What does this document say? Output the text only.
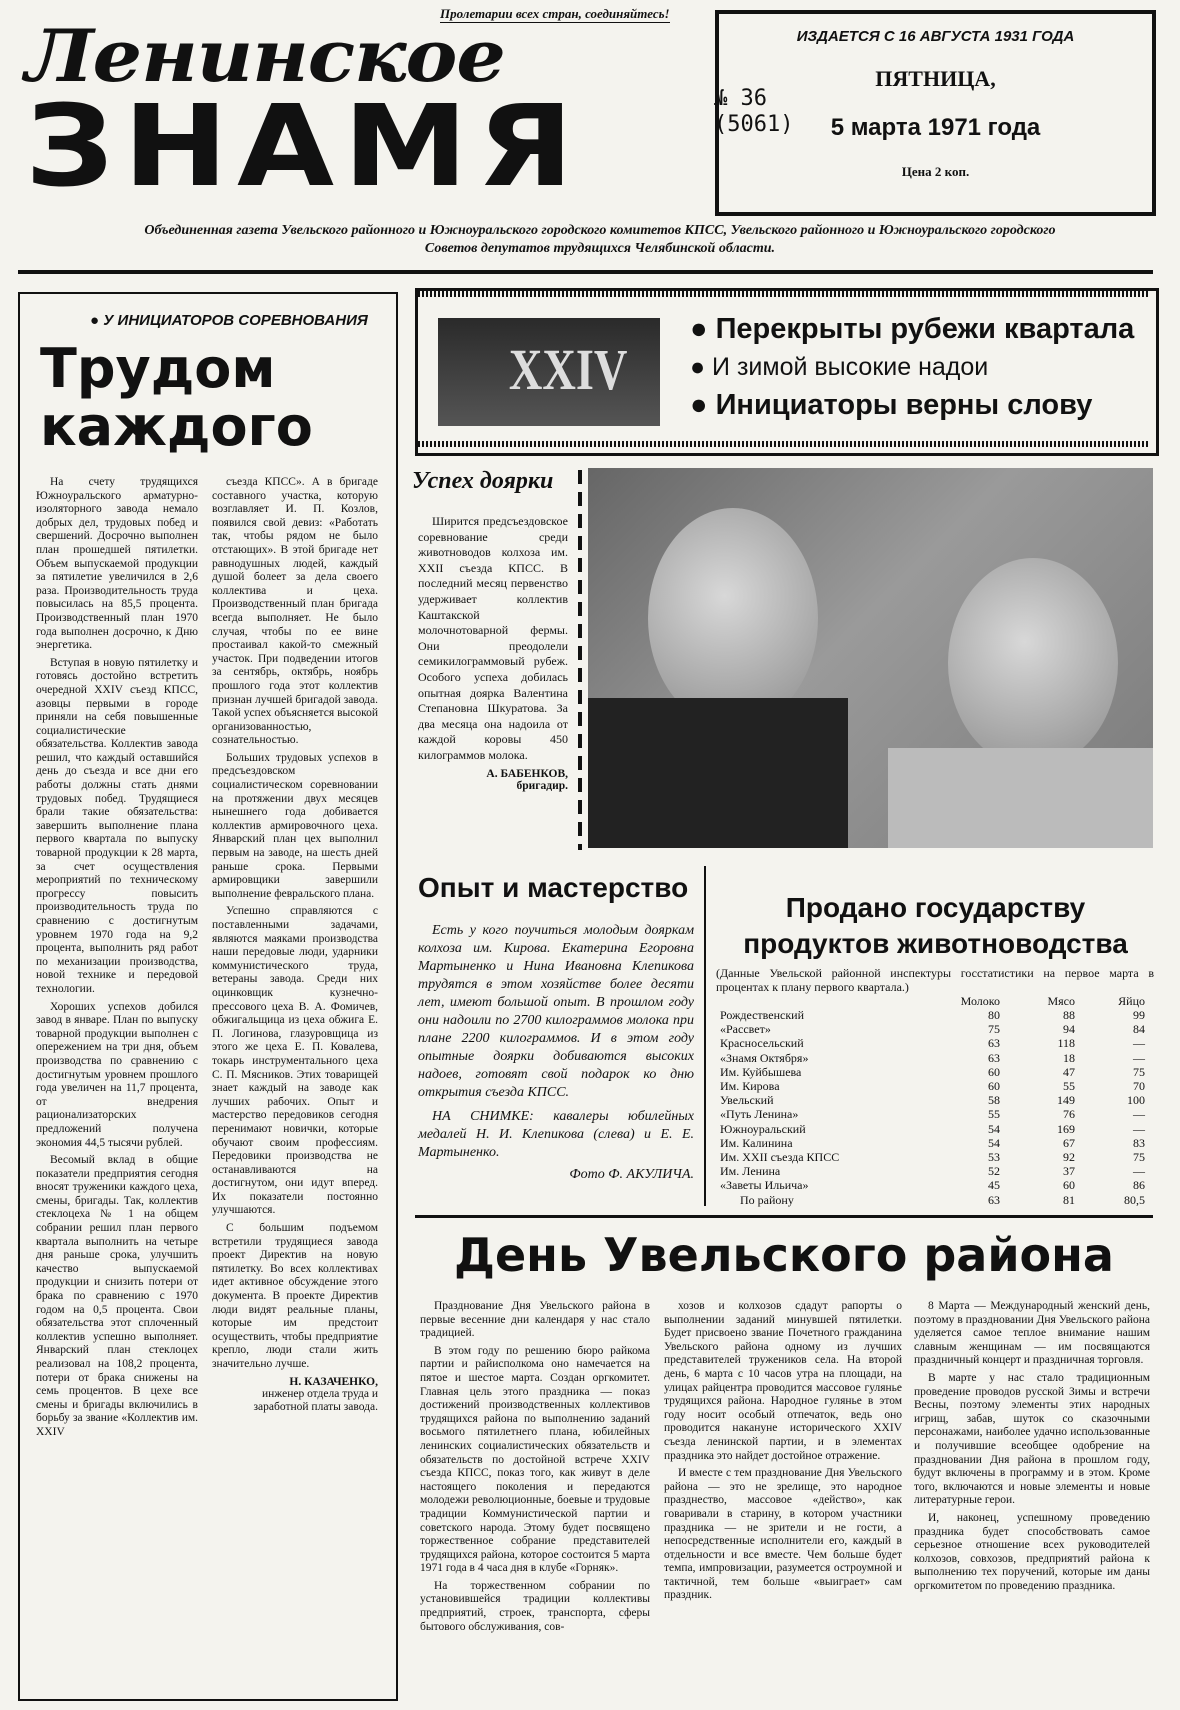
Пролетарии всех стран, соединяйтесь!
Ленинское
ЗНАМЯ	№ 36
(5061)
ИЗДАЕТСЯ С 16 АВГУСТА 1931 ГОДА
ПЯТНИЦА,
5 марта 1971 года
Цена 2 коп.
Объединенная газета Увельского районного и Южноуральского городского комитетов КПСС, Увельского районного и Южноуральского городского Советов депутатов трудящихся Челябинской области.
● У ИНИЦИАТОРОВ СОРЕВНОВАНИЯ
Трудом
каждого

На счету трудящихся Южноуральского арматурно-изоляторного завода немало добрых дел, трудовых побед и свершений. Досрочно выполнен план прошедшей пятилетки. Объем выпускаемой продукции за пятилетие увеличился в 2,6 раза. Производительность труда повысилась на 85,5 процента. Производственный план 1970 года выполнен досрочно, к Дню энергетика.

Вступая в новую пятилетку и готовясь достойно встретить очередной XXIV съезд КПСС, азовцы первыми в городе приняли на себя повышенные социалистические обязательства. Коллектив завода решил, что каждый оставшийся день до съезда и все дни его работы должны стать днями трудовых побед. Трудящиеся брали такие обязательства: завершить выполнение плана первого квартала по выпуску товарной продукции к 28 марта, за счет осуществления мероприятий по техническому прогрессу повысить производительность труда по сравнению с достигнутым уровнем 1970 года на 9,2 процента, выполнить ряд работ по механизации производства, новой технике и передовой технологии.

Хороших успехов добился завод в январе. План по выпуску товарной продукции выполнен с опережением на три дня, объем производства по сравнению с достигнутым уровнем прошлого года увеличен на 11,7 процента, от внедрения рационализаторских предложений получена экономия 44,5 тысячи рублей.

Весомый вклад в общие показатели предприятия сегодня вносят труженики каждого цеха, смены, бригады. Так, коллектив стеклоцеха № 1 на общем собрании решил план первого квартала выполнить на четыре дня раньше срока, улучшить качество выпускаемой продукции и снизить потери от брака по сравнению с 1970 годом на 0,5 процента. Свои обязательства этот сплоченный коллектив успешно выполняет. Январский план стеклоцех реализовал на 108,2 процента, потери от брака снижены на семь процентов. В цехе все смены и бригады включились в борьбу за звание «Коллектив им. XXIV

съезда КПСС». А в бригаде составного участка, которую возглавляет И. П. Козлов, появился свой девиз: «Работать так, чтобы рядом не было отстающих». В этой бригаде нет равнодушных людей, каждый душой болеет за дела своего коллектива и цеха. Производственный план бригада всегда выполняет. Не было случая, чтобы по ее вине простаивал какой-то смежный участок. При подведении итогов за сентябрь, октябрь, ноябрь прошлого года этот коллектив признан лучшей бригадой завода. Такой успех объясняется высокой организованностью, сознательностью.

Больших трудовых успехов в предсъездовском социалистическом соревновании на протяжении двух месяцев нынешнего года добивается коллектив армировочного цеха. Январский план цех выполнил первым на заводе, на шесть дней раньше срока. Первыми армировщики завершили выполнение февральского плана.

Успешно справляются с поставленными задачами, являются маяками производства наши передовые люди, ударники коммунистического труда, ветераны завода. Среди них оцинковщик кузнечно-прессового цеха В. А. Фомичев, обжигальщица из цеха обжига Е. П. Логинова, глазуровщица из этого же цеха Е. П. Ковалева, токарь инструментального цеха С. П. Мясников. Этих товарищей знает каждый на заводе как лучших рабочих. Опыт и мастерство передовиков сегодня перенимают новички, которые обучают своим профессиям. Передовики производства не останавливаются на достигнутом, они идут вперед. Их показатели постоянно улучшаются.

С большим подъемом встретили трудящиеся завода проект Директив на новую пятилетку. Во всех коллективах идет активное обсуждение этого документа. В проекте Директив люди видят реальные планы, которые им предстоит осуществить, чтобы предприятие крепло, люди стали жить значительно лучше.

Н. КАЗАЧЕНКО,
инженер отдела труда и заработной платы завода.
XXIV
● Перекрыты рубежи квартала
● И зимой высокие надои
● Инициаторы верны слову
Успех доярки

Ширится предсъездовское соревнование среди животноводов колхоза им. XXII съезда КПСС. В последний месяц первенство удерживает коллектив Каштакской молочнотоварной фермы. Они преодолели семикилограммовый рубеж. Особого успеха добилась опытная доярка Валентина Степановна Шкуратова. За два месяца она надоила от каждой коровы 450 килограммов молока.

А. БАБЕНКОВ,
бригадир.
Опыт и мастерство

Есть у кого поучиться молодым дояркам колхоза им. Кирова. Екатерина Егоровна Мартыненко и Нина Ивановна Клепикова трудятся в этом хозяйстве более десяти лет, имеют большой опыт. В прошлом году они надоили по 2700 килограммов молока при плане 2200 килограммов. И в этом году опытные доярки добиваются высоких надоев, готовят свой подарок ко дню открытия съезда КПСС.

НА СНИМКЕ: кавалеры юбилейных медалей Н. И. Клепикова (слева) и Е. Е. Мартыненко.

Фото Ф. АКУЛИЧА.
Продано государству
продуктов животноводства
(Данные Увельской районной инспектуры госстатистики на первое марта в процентах к плану первого квартала.)
Молоко	Мясо	Яйцо
Рождественский	80	88	99
«Рассвет»	75	94	84
Красносельский	63	118	—
«Знамя Октября»	63	18	—
Им. Куйбышева	60	47	75
Им. Кирова	60	55	70
Увельский	58	149	100
«Путь Ленина»	55	76	—
Южноуральский	54	169	—
Им. Калинина	54	67	83
Им. XXII съезда КПСС	53	92	75
Им. Ленина	52	37	—
«Заветы Ильича»	45	60	86
По району	63	81	80,5
День Увельского района

Празднование Дня Увельского района в первые весенние дни календаря у нас стало традицией.

В этом году по решению бюро райкома партии и райисполкома оно намечается на пятое и шестое марта. Создан оргкомитет. Главная цель этого праздника — показ достижений производственных коллективов трудящихся района по выполнению заданий восьмого пятилетнего плана, юбилейных ленинских социалистических обязательств и обязательств по достойной встрече XXIV съезда КПСС, показ того, как живут в деле настоящего поколения и передаются молодежи революционные, боевые и трудовые традиции Коммунистической партии и советского народа. Этому будет посвящено торжественное собрание представителей трудящихся района, которое состоится 5 марта 1971 года в 4 часа дня в клубе «Горняк».

На торжественном собрании по установившейся традиции коллективы предприятий, строек, транспорта, сферы бытового обслуживания, сов-

хозов и колхозов сдадут рапорты о выполнении заданий минувшей пятилетки. Будет присвоено звание Почетного гражданина Увельского района одному из лучших представителей тружеников села. На второй день, 6 марта с 10 часов утра на площади, на улицах райцентра проводится массовое гулянье трудящихся района. Народное гулянье в этом году носит особый отпечаток, ведь оно проводится накануне исторического XXIV съезда ленинской партии, и в элементах праздника это найдет достойное отражение.

И вместе с тем празднование Дня Увельского района — это не зрелище, это народное празднество, массовое «действо», как говаривали в старину, в котором участники праздника — не зрители и не гости, а непосредственные исполнители его, каждый в отдельности и все вместе. Чем больше будет темпа, импровизации, разумеется остроумной и тактичной, тем больше «выиграет» сам праздник.

8 Марта — Международный женский день, поэтому в праздновании Дня Увельского района уделяется самое теплое внимание нашим славным женщинам — им посвящаются праздничный концерт и праздничная торговля.

В марте у нас стало традиционным проведение проводов русской Зимы и встречи Весны, поэтому элементы этих народных игрищ, забав, шуток со сказочными персонажами, наиболее удачно использованные и получившие всеобщее одобрение на праздновании Дня района в прошлом году, будут включены в программу и в этом. Кроме того, включаются и новые элементы и новые литературные герои.

И, наконец, успешному проведению праздника будет способствовать самое серьезное отношение всех руководителей колхозов, совхозов, предприятий района к выполнению тех поручений, которые им даны оргкомитетом по проведению праздника.
